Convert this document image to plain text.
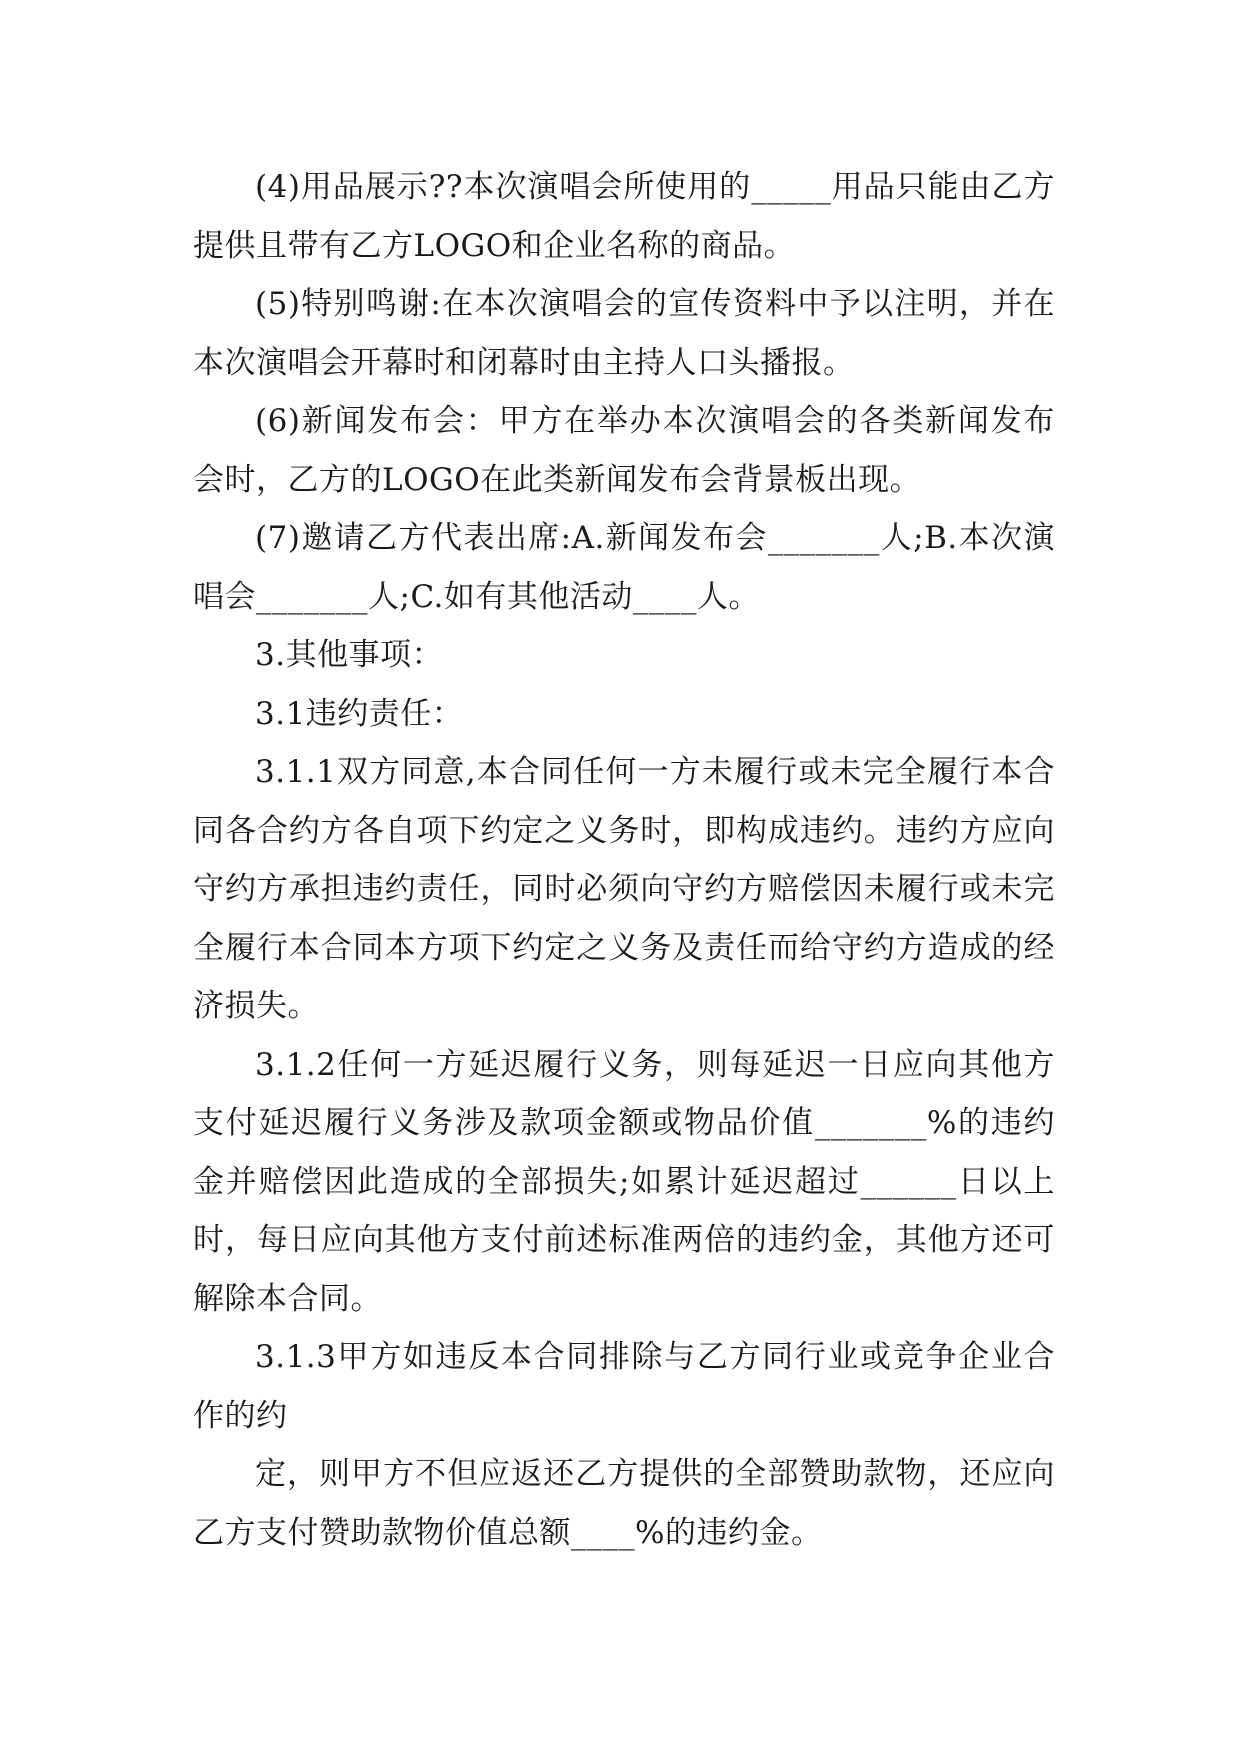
(4)用品展示??本次演唱会所使用的_____用品只能由乙方提供且带有乙方LOGO和企业名称的商品。

(5)特别鸣谢:在本次演唱会的宣传资料中予以注明，并在本次演唱会开幕时和闭幕时由主持人口头播报。

(6)新闻发布会：甲方在举办本次演唱会的各类新闻发布会时，乙方的LOGO在此类新闻发布会背景板出现。

(7)邀请乙方代表出席:A.新闻发布会_______人;B.本次演唱会_______人;C.如有其他活动____人。

3.其他事项：

3.1违约责任：

3.1.1双方同意,本合同任何一方未履行或未完全履行本合同各合约方各自项下约定之义务时，即构成违约。违约方应向守约方承担违约责任，同时必须向守约方赔偿因未履行或未完全履行本合同本方项下约定之义务及责任而给守约方造成的经济损失。

3.1.2任何一方延迟履行义务，则每延迟一日应向其他方支付延迟履行义务涉及款项金额或物品价值_______%的违约金并赔偿因此造成的全部损失;如累计延迟超过______日以上时，每日应向其他方支付前述标准两倍的违约金，其他方还可解除本合同。

3.1.3甲方如违反本合同排除与乙方同行业或竞争企业合作的约

定，则甲方不但应返还乙方提供的全部赞助款物，还应向乙方支付赞助款物价值总额____%的违约金。
